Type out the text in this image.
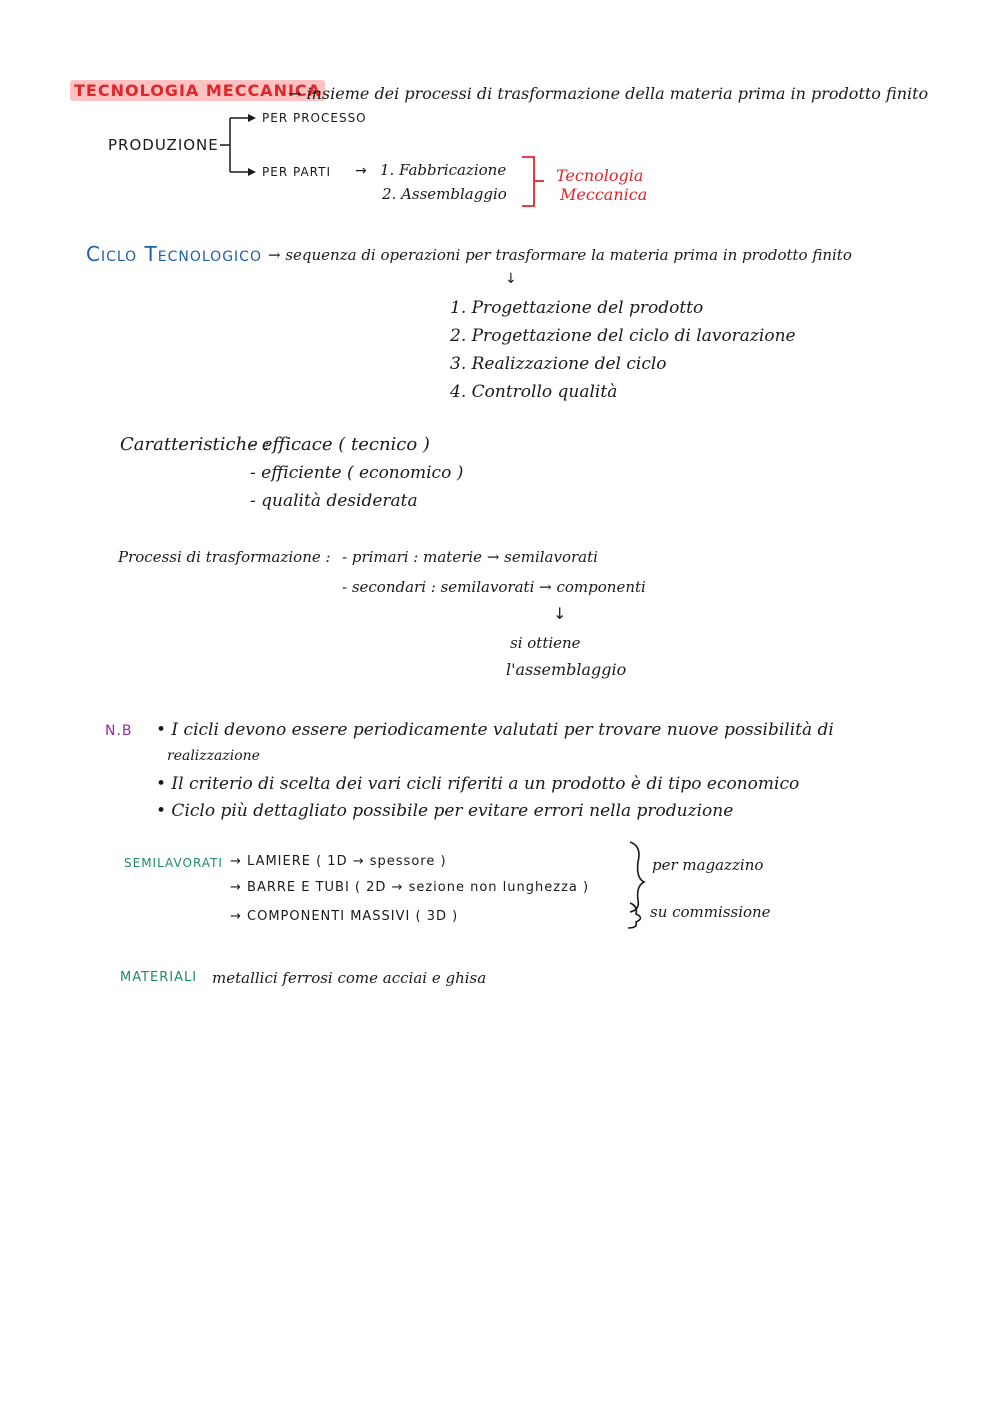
TECNOLOGIA MECCANICA
→ insieme dei processi di trasformazione della materia prima in prodotto finito
PRODUZIONE
PER PROCESSO
PER PARTI → 1. Fabbricazione
2. Assemblaggio
Tecnologia
Meccanica
Ciclo Tecnologico → sequenza di operazioni per trasformare la materia prima in prodotto finito
↓
1. Progettazione del prodotto
2. Progettazione del ciclo di lavorazione
3. Realizzazione del ciclo
4. Controllo qualità
Caratteristiche :
- efficace ( tecnico )
- efficiente ( economico )
- qualità desiderata
Processi di trasformazione : - primari : materie → semilavorati
- secondari : semilavorati → componenti
↓
si ottiene
l'assemblaggio
N.B • I cicli devono essere periodicamente valutati per trovare nuove possibilità di
realizzazione
• Il criterio di scelta dei vari cicli riferiti a un prodotto è di tipo economico
• Ciclo più dettagliato possibile per evitare errori nella produzione
SEMILAVORATI → LAMIERE ( 1D → spessore )
→ BARRE E TUBI ( 2D → sezione non lunghezza )
→ COMPONENTI MASSIVI ( 3D )
per magazzino
su commissione
MATERIALI metallici ferrosi come acciai e ghisa
